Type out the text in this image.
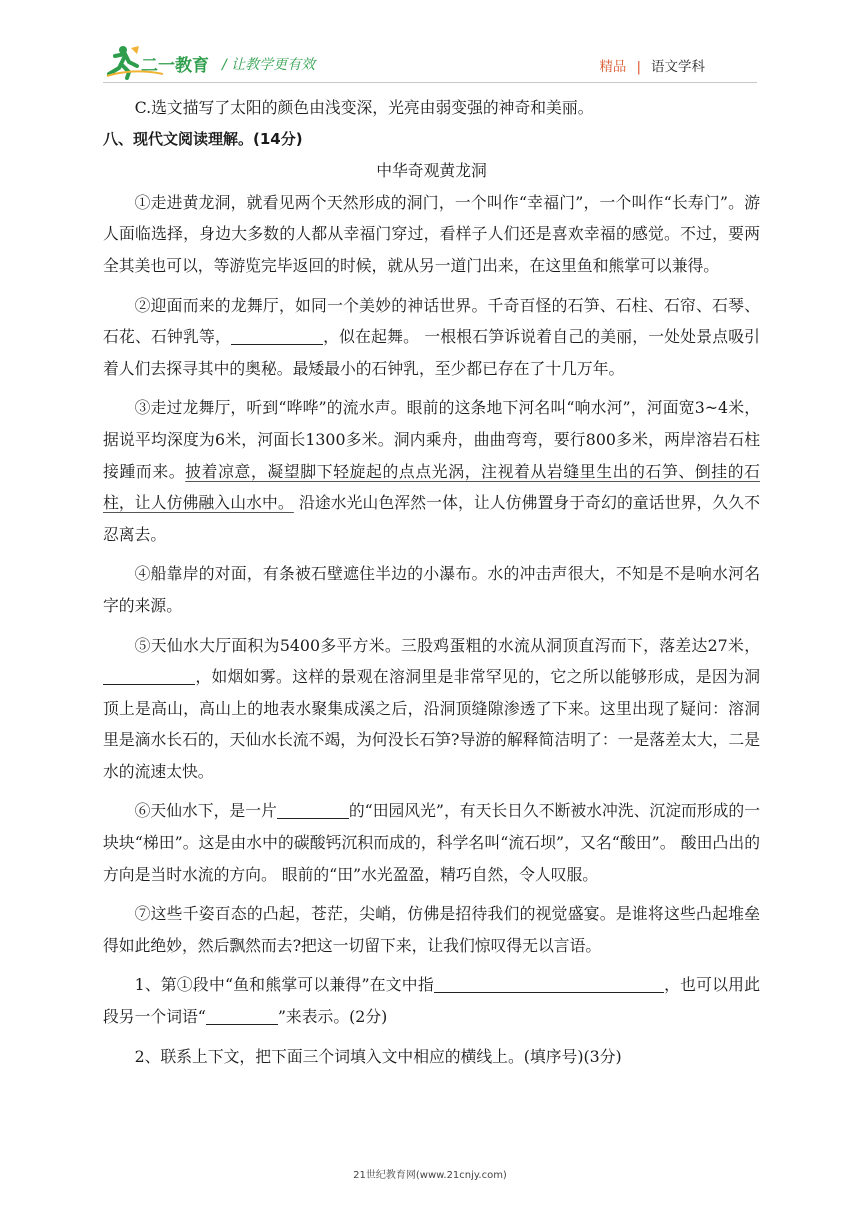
二一教育 / 让教学更有效	精品 | 语文学科

C.选文描写了太阳的颜色由浅变深，光亮由弱变强的神奇和美丽。

八、现代文阅读理解。(14分)

中华奇观黄龙洞

①走进黄龙洞，就看见两个天然形成的洞门，一个叫作“幸福门”，一个叫作“长寿门”。游人面临选择，身边大多数的人都从幸福门穿过，看样子人们还是喜欢幸福的感觉。不过，要两全其美也可以，等游览完毕返回的时候，就从另一道门出来，在这里鱼和熊掌可以兼得。

②迎面而来的龙舞厅，如同一个美妙的神话世界。千奇百怪的石笋、石柱、石帘、石琴、石花、石钟乳等，	，似在起舞。 一根根石笋诉说着自己的美丽，一处处景点吸引着人们去探寻其中的奥秘。最矮最小的石钟乳，至少都已存在了十几万年。

③走过龙舞厅，听到“哗哗”的流水声。眼前的这条地下河名叫“响水河”，河面宽3~4米，据说平均深度为6米，河面长1300多米。洞内乘舟，曲曲弯弯，要行800多米，两岸溶岩石柱接踵而来。披着凉意，凝望脚下轻旋起的点点光涡，注视着从岩缝里生出的石笋、倒挂的石柱，让人仿佛融入山水中。 沿途水光山色浑然一体，让人仿佛置身于奇幻的童话世界，久久不忍离去。

④船靠岸的对面，有条被石壁遮住半边的小瀑布。水的冲击声很大，不知是不是响水河名字的来源。

⑤天仙水大厅面积为5400多平方米。三股鸡蛋粗的水流从洞顶直泻而下，落差达27米，，如烟如雾。这样的景观在溶洞里是非常罕见的，它之所以能够形成，是因为洞顶上是高山，高山上的地表水聚集成溪之后，沿洞顶缝隙渗透了下来。这里出现了疑问：溶洞里是滴水长石的，天仙水长流不竭，为何没长石笋?导游的解释简洁明了：一是落差太大，二是水的流速太快。

⑥天仙水下，是一片	的“田园风光”，有天长日久不断被水冲洗、沉淀而形成的一块块“梯田”。这是由水中的碳酸钙沉积而成的，科学名叫“流石坝”，又名“酸田”。 酸田凸出的方向是当时水流的方向。 眼前的“田”水光盈盈，精巧自然，令人叹服。

⑦这些千姿百态的凸起，苍茫，尖峭，仿佛是招待我们的视觉盛宴。是谁将这些凸起堆垒得如此绝妙，然后飘然而去?把这一切留下来，让我们惊叹得无以言语。

1、第①段中“鱼和熊掌可以兼得”在文中指	，也可以用此段另一个词语“	”来表示。(2分)

2、联系上下文，把下面三个词填入文中相应的横线上。(填序号)(3分)

21世纪教育网(www.21cnjy.com)
